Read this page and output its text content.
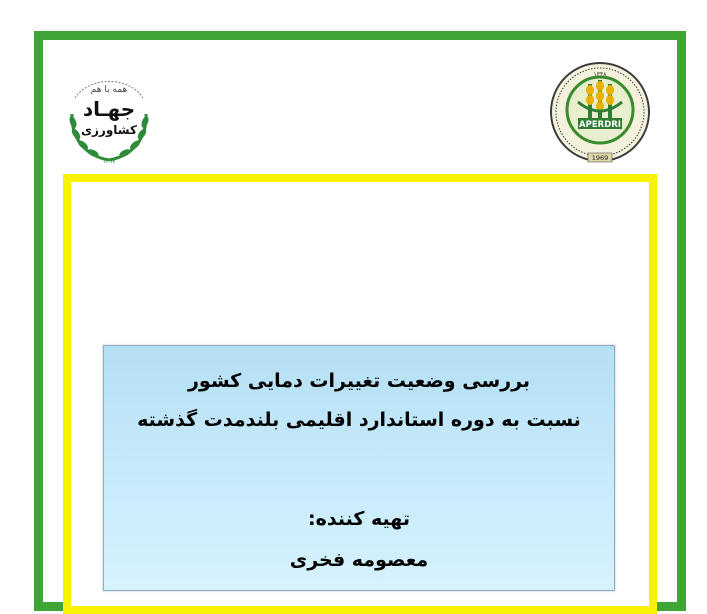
همه با هم
جهـاد
کشاورزی
۱۳۹۷
APERDRI
۱۳۴۸
1969
بررسی وضعیت تغییرات دمایی کشور
نسبت به دوره استاندارد اقلیمی بلندمدت گذشته
تهیه کننده:
معصومه فخری
